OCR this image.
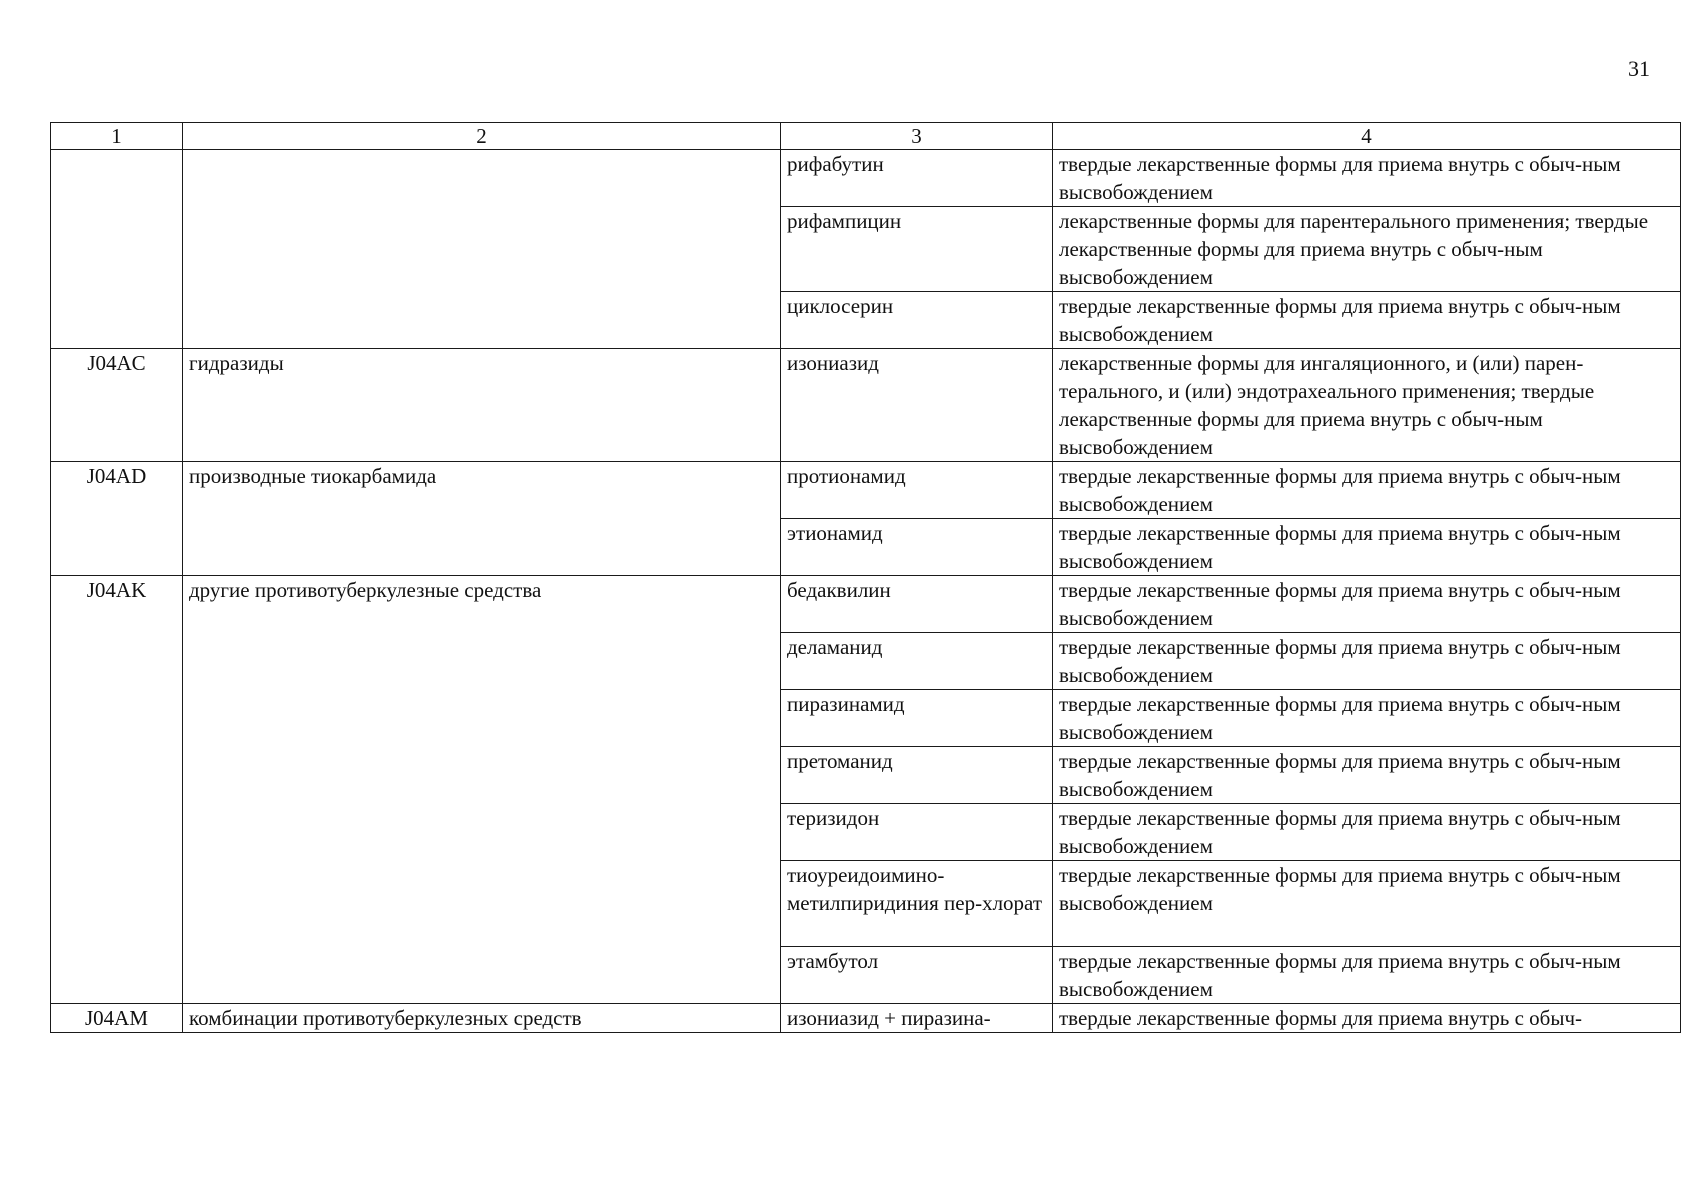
31
1	2	3	4
		рифабутин	твердые лекарственные формы для приема внутрь с обыч-ным высвобождением
		рифампицин	лекарственные формы для парентерального применения; твердые лекарственные формы для приема внутрь с обыч-ным высвобождением
		циклосерин	твердые лекарственные формы для приема внутрь с обыч-ным высвобождением
J04AC	гидразиды	изониазид	лекарственные формы для ингаляционного, и (или) парен-терального, и (или) эндотрахеального применения; твердые лекарственные формы для приема внутрь с обыч-ным высвобождением
J04AD	производные тиокарбамида	протионамид	твердые лекарственные формы для приема внутрь с обыч-ным высвобождением
		этионамид	твердые лекарственные формы для приема внутрь с обыч-ным высвобождением
J04AK	другие противотуберкулезные средства	бедаквилин	твердые лекарственные формы для приема внутрь с обыч-ным высвобождением
		деламанид	твердые лекарственные формы для приема внутрь с обыч-ным высвобождением
		пиразинамид	твердые лекарственные формы для приема внутрь с обыч-ным высвобождением
		претоманид	твердые лекарственные формы для приема внутрь с обыч-ным высвобождением
		теризидон	твердые лекарственные формы для приема внутрь с обыч-ным высвобождением
		тиоуреидоимино-метилпиридиния пер-хлорат	твердые лекарственные формы для приема внутрь с обыч-ным высвобождением
		этамбутол	твердые лекарственные формы для приема внутрь с обыч-ным высвобождением
J04AM	комбинации противотуберкулезных средств	изониазид + пиразина-	твердые лекарственные формы для приема внутрь с обыч-
